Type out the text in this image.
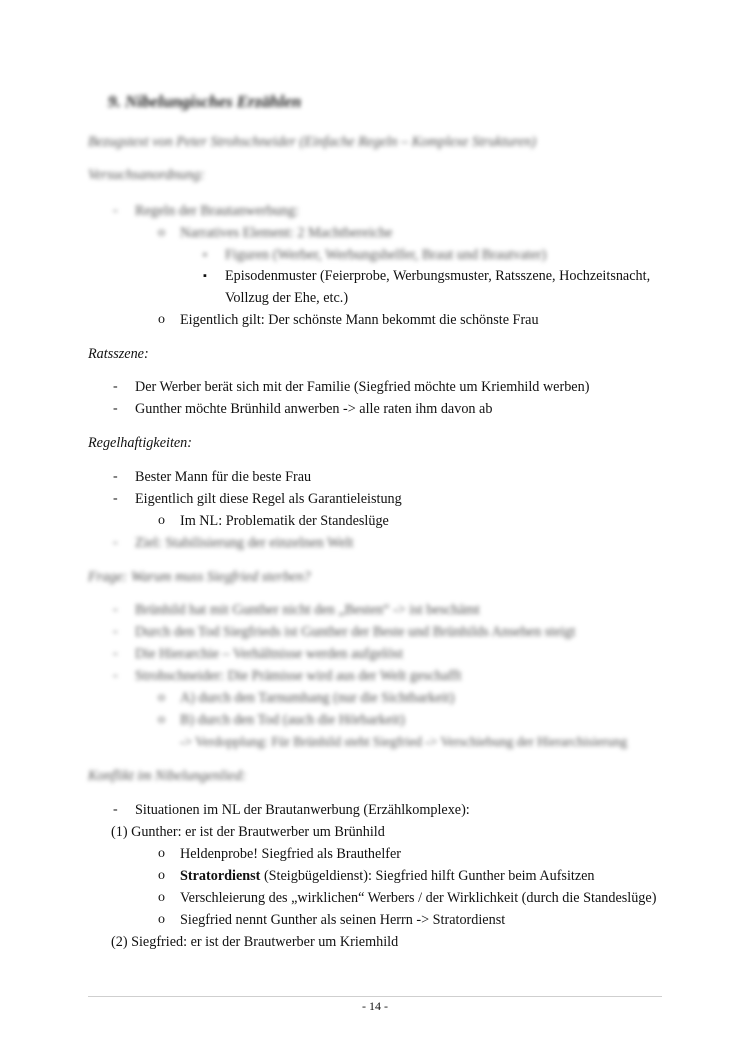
9. Nibelungisches Erzählen
Bezugstext von Peter Strohschneider (Einfache Regeln – Komplexe Strukturen)
Versuchsanordnung:
- Regeln der Brautanwerbung:
o Narratives Element: 2 Machtbereiche
▪ Figuren (Werber, Werbungshelfer, Braut und Brautvater)
▪ Episodenmuster (Feierprobe, Werbungsmuster, Ratsszene, Hochzeitsnacht,
Vollzug der Ehe, etc.)
o Eigentlich gilt: Der schönste Mann bekommt die schönste Frau
Ratsszene:
- Der Werber berät sich mit der Familie (Siegfried möchte um Kriemhild werben)
- Gunther möchte Brünhild anwerben -> alle raten ihm davon ab
Regelhaftigkeiten:
- Bester Mann für die beste Frau
- Eigentlich gilt diese Regel als Garantieleistung
o Im NL: Problematik der Standeslüge
- Ziel: Stabilisierung der einzelnen Welt
Frage: Warum muss Siegfried sterben?
- Brünhild hat mit Gunther nicht den „Besten“ -> ist beschämt
- Durch den Tod Siegfrieds ist Gunther der Beste und Brünhilds Ansehen steigt
- Die Hierarchie – Verhältnisse werden aufgelöst
- Strohschneider: Die Prämisse wird aus der Welt geschafft
o A) durch den Tarnumhang (nur die Sichtbarkeit)
o B) durch den Tod (auch die Hörbarkeit)
-> Verdopplung: Für Brünhild steht Siegfried -> Verschiebung der Hierarchisierung
Konflikt im Nibelungenlied:
- Situationen im NL der Brautanwerbung (Erzählkomplexe):
(1) Gunther: er ist der Brautwerber um Brünhild
o Heldenprobe! Siegfried als Brauthelfer
o Stratordienst (Steigbügeldienst): Siegfried hilft Gunther beim Aufsitzen
o Verschleierung des „wirklichen“ Werbers / der Wirklichkeit (durch die Standeslüge)
o Siegfried nennt Gunther als seinen Herrn -> Stratordienst
(2) Siegfried: er ist der Brautwerber um Kriemhild
- 14 -
